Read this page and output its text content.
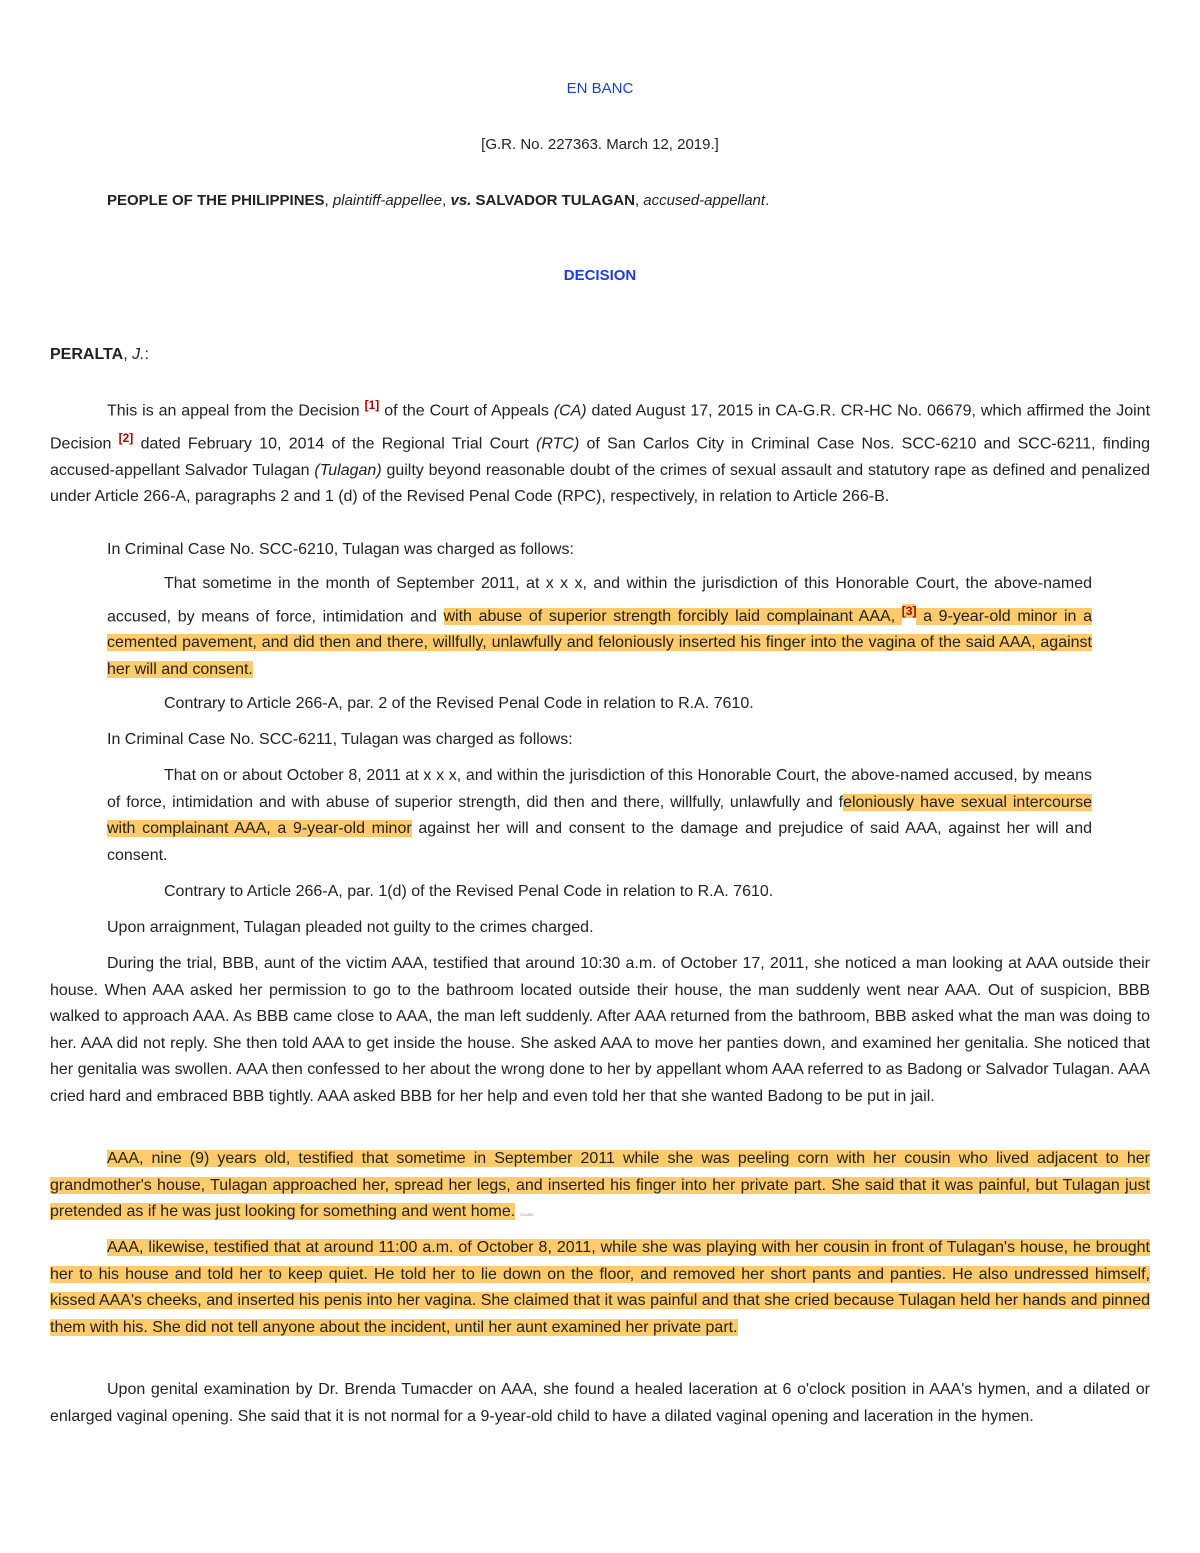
EN BANC
[G.R. No. 227363. March 12, 2019.]
PEOPLE OF THE PHILIPPINES, plaintiff-appellee, vs. SALVADOR TULAGAN, accused-appellant.
DECISION
PERALTA, J.:

This is an appeal from the Decision [1] of the Court of Appeals (CA) dated August 17, 2015 in CA-G.R. CR-HC No. 06679, which affirmed the Joint Decision [2] dated February 10, 2014 of the Regional Trial Court (RTC) of San Carlos City in Criminal Case Nos. SCC-6210 and SCC-6211, finding accused-appellant Salvador Tulagan (Tulagan) guilty beyond reasonable doubt of the crimes of sexual assault and statutory rape as defined and penalized under Article 266-A, paragraphs 2 and 1 (d) of the Revised Penal Code (RPC), respectively, in relation to Article 266-B.

In Criminal Case No. SCC-6210, Tulagan was charged as follows:

That sometime in the month of September 2011, at x x x, and within the jurisdiction of this Honorable Court, the above-named accused, by means of force, intimidation and with abuse of superior strength forcibly laid complainant AAA, [3] a 9-year-old minor in a cemented pavement, and did then and there, willfully, unlawfully and feloniously inserted his finger into the vagina of the said AAA, against her will and consent.

Contrary to Article 266-A, par. 2 of the Revised Penal Code in relation to R.A. 7610.
In Criminal Case No. SCC-6211, Tulagan was charged as follows:

That on or about October 8, 2011 at x x x, and within the jurisdiction of this Honorable Court, the above-named accused, by means of force, intimidation and with abuse of superior strength, did then and there, willfully, unlawfully and feloniously have sexual intercourse with complainant AAA, a 9-year-old minor against her will and consent to the damage and prejudice of said AAA, against her will and consent.

Contrary to Article 266-A, par. 1(d) of the Revised Penal Code in relation to R.A. 7610.
Upon arraignment, Tulagan pleaded not guilty to the crimes charged.

During the trial, BBB, aunt of the victim AAA, testified that around 10:30 a.m. of October 17, 2011, she noticed a man looking at AAA outside their house. When AAA asked her permission to go to the bathroom located outside their house, the man suddenly went near AAA. Out of suspicion, BBB walked to approach AAA. As BBB came close to AAA, the man left suddenly. After AAA returned from the bathroom, BBB asked what the man was doing to her. AAA did not reply. She then told AAA to get inside the house. She asked AAA to move her panties down, and examined her genitalia. She noticed that her genitalia was swollen. AAA then confessed to her about the wrong done to her by appellant whom AAA referred to as Badong or Salvador Tulagan. AAA cried hard and embraced BBB tightly. AAA asked BBB for her help and even told her that she wanted Badong to be put in jail.

AAA, nine (9) years old, testified that sometime in September 2011 while she was peeling corn with her cousin who lived adjacent to her grandmother's house, Tulagan approached her, spread her legs, and inserted his finger into her private part. She said that it was painful, but Tulagan just pretended as if he was just looking for something and went home. CDaSIE

AAA, likewise, testified that at around 11:00 a.m. of October 8, 2011, while she was playing with her cousin in front of Tulagan's house, he brought her to his house and told her to keep quiet. He told her to lie down on the floor, and removed her short pants and panties. He also undressed himself, kissed AAA's cheeks, and inserted his penis into her vagina. She claimed that it was painful and that she cried because Tulagan held her hands and pinned them with his. She did not tell anyone about the incident, until her aunt examined her private part.

Upon genital examination by Dr. Brenda Tumacder on AAA, she found a healed laceration at 6 o'clock position in AAA's hymen, and a dilated or enlarged vaginal opening. She said that it is not normal for a 9-year-old child to have a dilated vaginal opening and laceration in the hymen.
